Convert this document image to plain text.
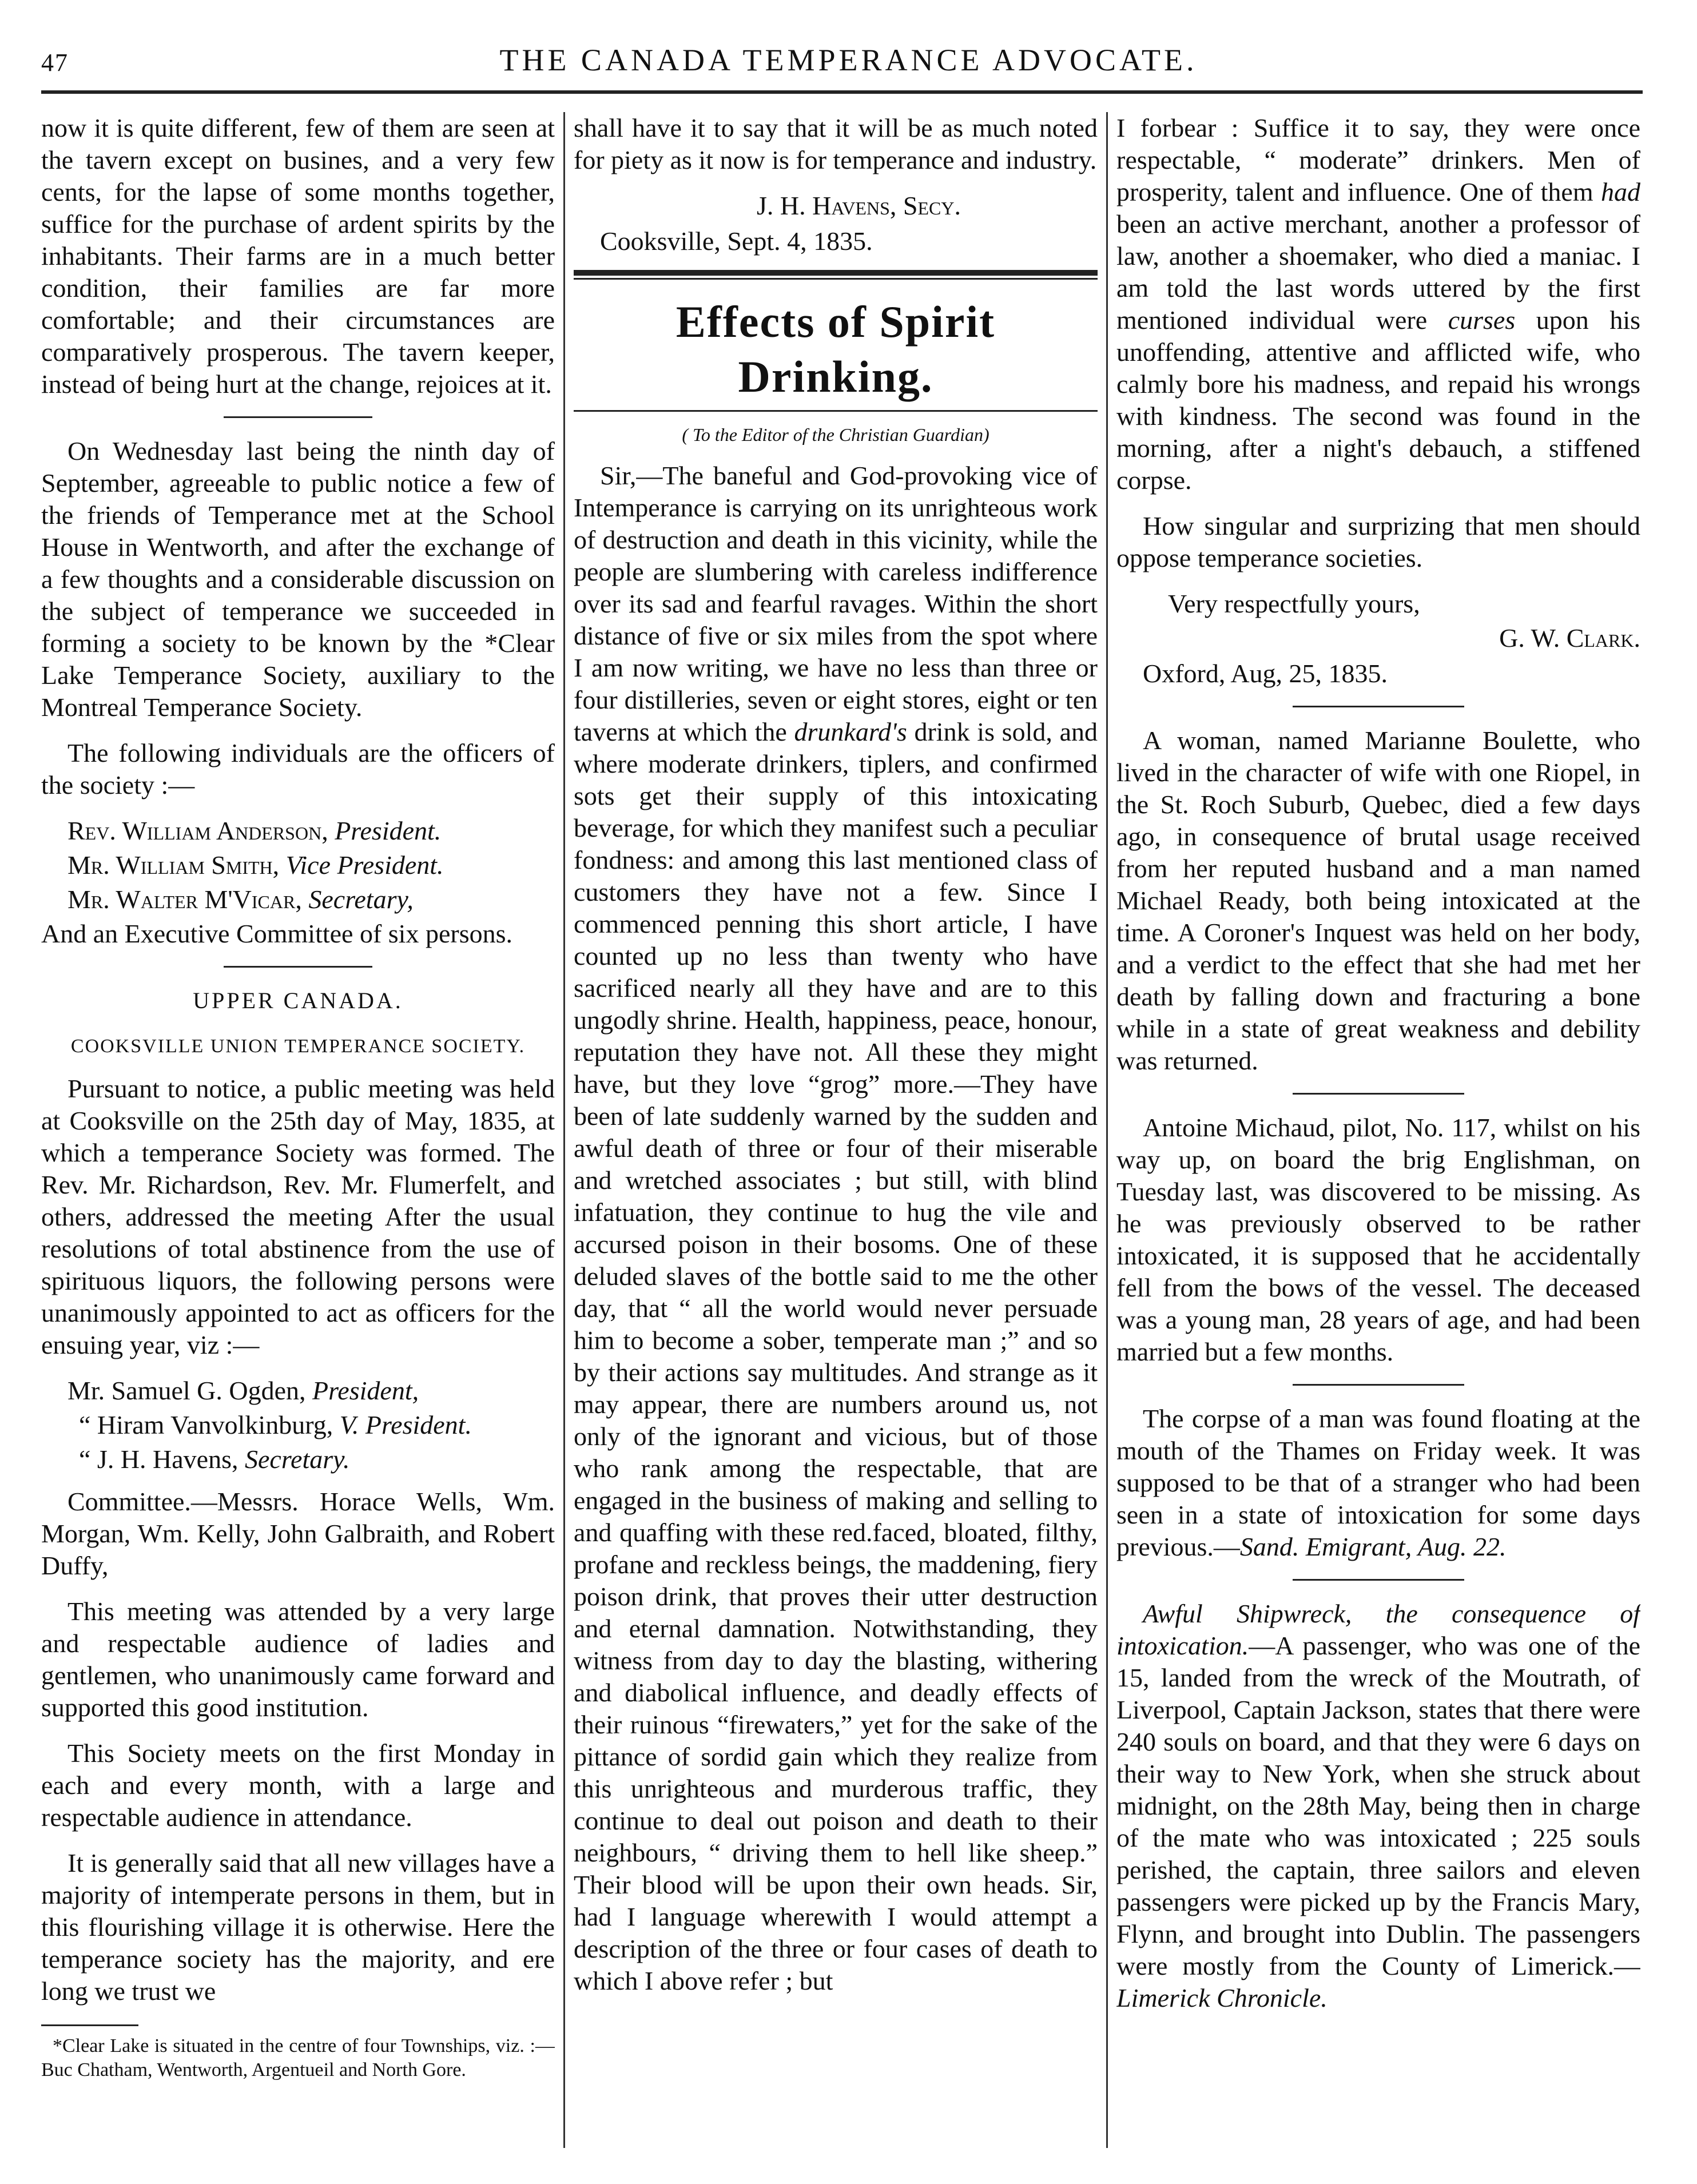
47	THE CANADA TEMPERANCE ADVOCATE.

now it is quite different, few of them are seen at the tavern except on busines, and a very few cents, for the lapse of some months together, suffice for the purchase of ardent spirits by the inhabitants. Their farms are in a much better condition, their families are far more comfortable; and their circumstances are comparatively prosperous. The tavern keeper, instead of being hurt at the change, rejoices at it.

On Wednesday last being the ninth day of September, agreeable to public notice a few of the friends of Temperance met at the School House in Wentworth, and after the exchange of a few thoughts and a considerable discussion on the subject of temperance we succeeded in forming a society to be known by the *Clear Lake Temperance Society, auxiliary to the Montreal Temperance Society.

The following individuals are the officers of the society :—

Rev. William Anderson, President.
Mr. William Smith, Vice President.
Mr. Walter M'Vicar, Secretary,

And an Executive Committee of six persons.

UPPER CANADA.
COOKSVILLE UNION TEMPERANCE SOCIETY.

Pursuant to notice, a public meeting was held at Cooksville on the 25th day of May, 1835, at which a temperance Society was formed. The Rev. Mr. Richardson, Rev. Mr. Flumerfelt, and others, addressed the meeting After the usual resolutions of total abstinence from the use of spirituous liquors, the following persons were unanimously appointed to act as officers for the ensuing year, viz :—

Mr. Samuel G. Ogden, President,
“ Hiram Vanvolkinburg, V. President.
“ J. H. Havens, Secretary.

Committee.—Messrs. Horace Wells, Wm. Morgan, Wm. Kelly, John Galbraith, and Robert Duffy,

This meeting was attended by a very large and respectable audience of ladies and gentlemen, who unanimously came forward and supported this good institution.

This Society meets on the first Monday in each and every month, with a large and respectable audience in attendance.

It is generally said that all new villages have a majority of intemperate persons in them, but in this flourishing village it is otherwise. Here the temperance society has the majority, and ere long we trust we

*Clear Lake is situated in the centre of four Townships, viz. :—Buc Chatham, Wentworth, Argentueil and North Gore.

shall have it to say that it will be as much noted for piety as it now is for temperance and industry.

J. H. Havens, Secy.
Cooksville, Sept. 4, 1835.
Effects of Spirit Drinking.
( To the Editor of the Christian Guardian)

Sir,—The baneful and God-provoking vice of Intemperance is carrying on its unrighteous work of destruction and death in this vicinity, while the people are slumbering with careless indifference over its sad and fearful ravages. Within the short distance of five or six miles from the spot where I am now writing, we have no less than three or four distilleries, seven or eight stores, eight or ten taverns at which the drunkard's drink is sold, and where moderate drinkers, tiplers, and confirmed sots get their supply of this intoxicating beverage, for which they manifest such a peculiar fondness: and among this last mentioned class of customers they have not a few. Since I commenced penning this short article, I have counted up no less than twenty who have sacrificed nearly all they have and are to this ungodly shrine. Health, happiness, peace, honour, reputation they have not. All these they might have, but they love “grog” more.—They have been of late suddenly warned by the sudden and awful death of three or four of their miserable and wretched associates ; but still, with blind infatuation, they continue to hug the vile and accursed poison in their bosoms. One of these deluded slaves of the bottle said to me the other day, that “ all the world would never persuade him to become a sober, temperate man ;” and so by their actions say multitudes. And strange as it may appear, there are numbers around us, not only of the ignorant and vicious, but of those who rank among the respectable, that are engaged in the business of making and selling to and quaffing with these red.faced, bloated, filthy, profane and reckless beings, the maddening, fiery poison drink, that proves their utter destruction and eternal damnation. Notwithstanding, they witness from day to day the blasting, withering and diabolical influence, and deadly effects of their ruinous “firewaters,” yet for the sake of the pittance of sordid gain which they realize from this unrighteous and murderous traffic, they continue to deal out poison and death to their neighbours, “ driving them to hell like sheep.” Their blood will be upon their own heads. Sir, had I language wherewith I would attempt a description of the three or four cases of death to which I above refer ; but

I forbear : Suffice it to say, they were once respectable, “ moderate” drinkers. Men of prosperity, talent and influence. One of them had been an active merchant, another a professor of law, another a shoemaker, who died a maniac. I am told the last words uttered by the first mentioned individual were curses upon his unoffending, attentive and afflicted wife, who calmly bore his madness, and repaid his wrongs with kindness. The second was found in the morning, after a night's debauch, a stiffened corpse.

How singular and surprizing that men should oppose temperance societies.

Very respectfully yours,
G. W. Clark.
Oxford, Aug, 25, 1835.

A woman, named Marianne Boulette, who lived in the character of wife with one Riopel, in the St. Roch Suburb, Quebec, died a few days ago, in consequence of brutal usage received from her reputed husband and a man named Michael Ready, both being intoxicated at the time. A Coroner's Inquest was held on her body, and a verdict to the effect that she had met her death by falling down and fracturing a bone while in a state of great weakness and debility was returned.

Antoine Michaud, pilot, No. 117, whilst on his way up, on board the brig Englishman, on Tuesday last, was discovered to be missing. As he was previously observed to be rather intoxicated, it is supposed that he accidentally fell from the bows of the vessel. The deceased was a young man, 28 years of age, and had been married but a few months.

The corpse of a man was found floating at the mouth of the Thames on Friday week. It was supposed to be that of a stranger who had been seen in a state of intoxication for some days previous.—Sand. Emigrant, Aug. 22.

Awful Shipwreck, the consequence of intoxication.—A passenger, who was one of the 15, landed from the wreck of the Moutrath, of Liverpool, Captain Jackson, states that there were 240 souls on board, and that they were 6 days on their way to New York, when she struck about midnight, on the 28th May, being then in charge of the mate who was intoxicated ; 225 souls perished, the captain, three sailors and eleven passengers were picked up by the Francis Mary, Flynn, and brought into Dublin. The passengers were mostly from the County of Limerick.—Limerick Chronicle.
